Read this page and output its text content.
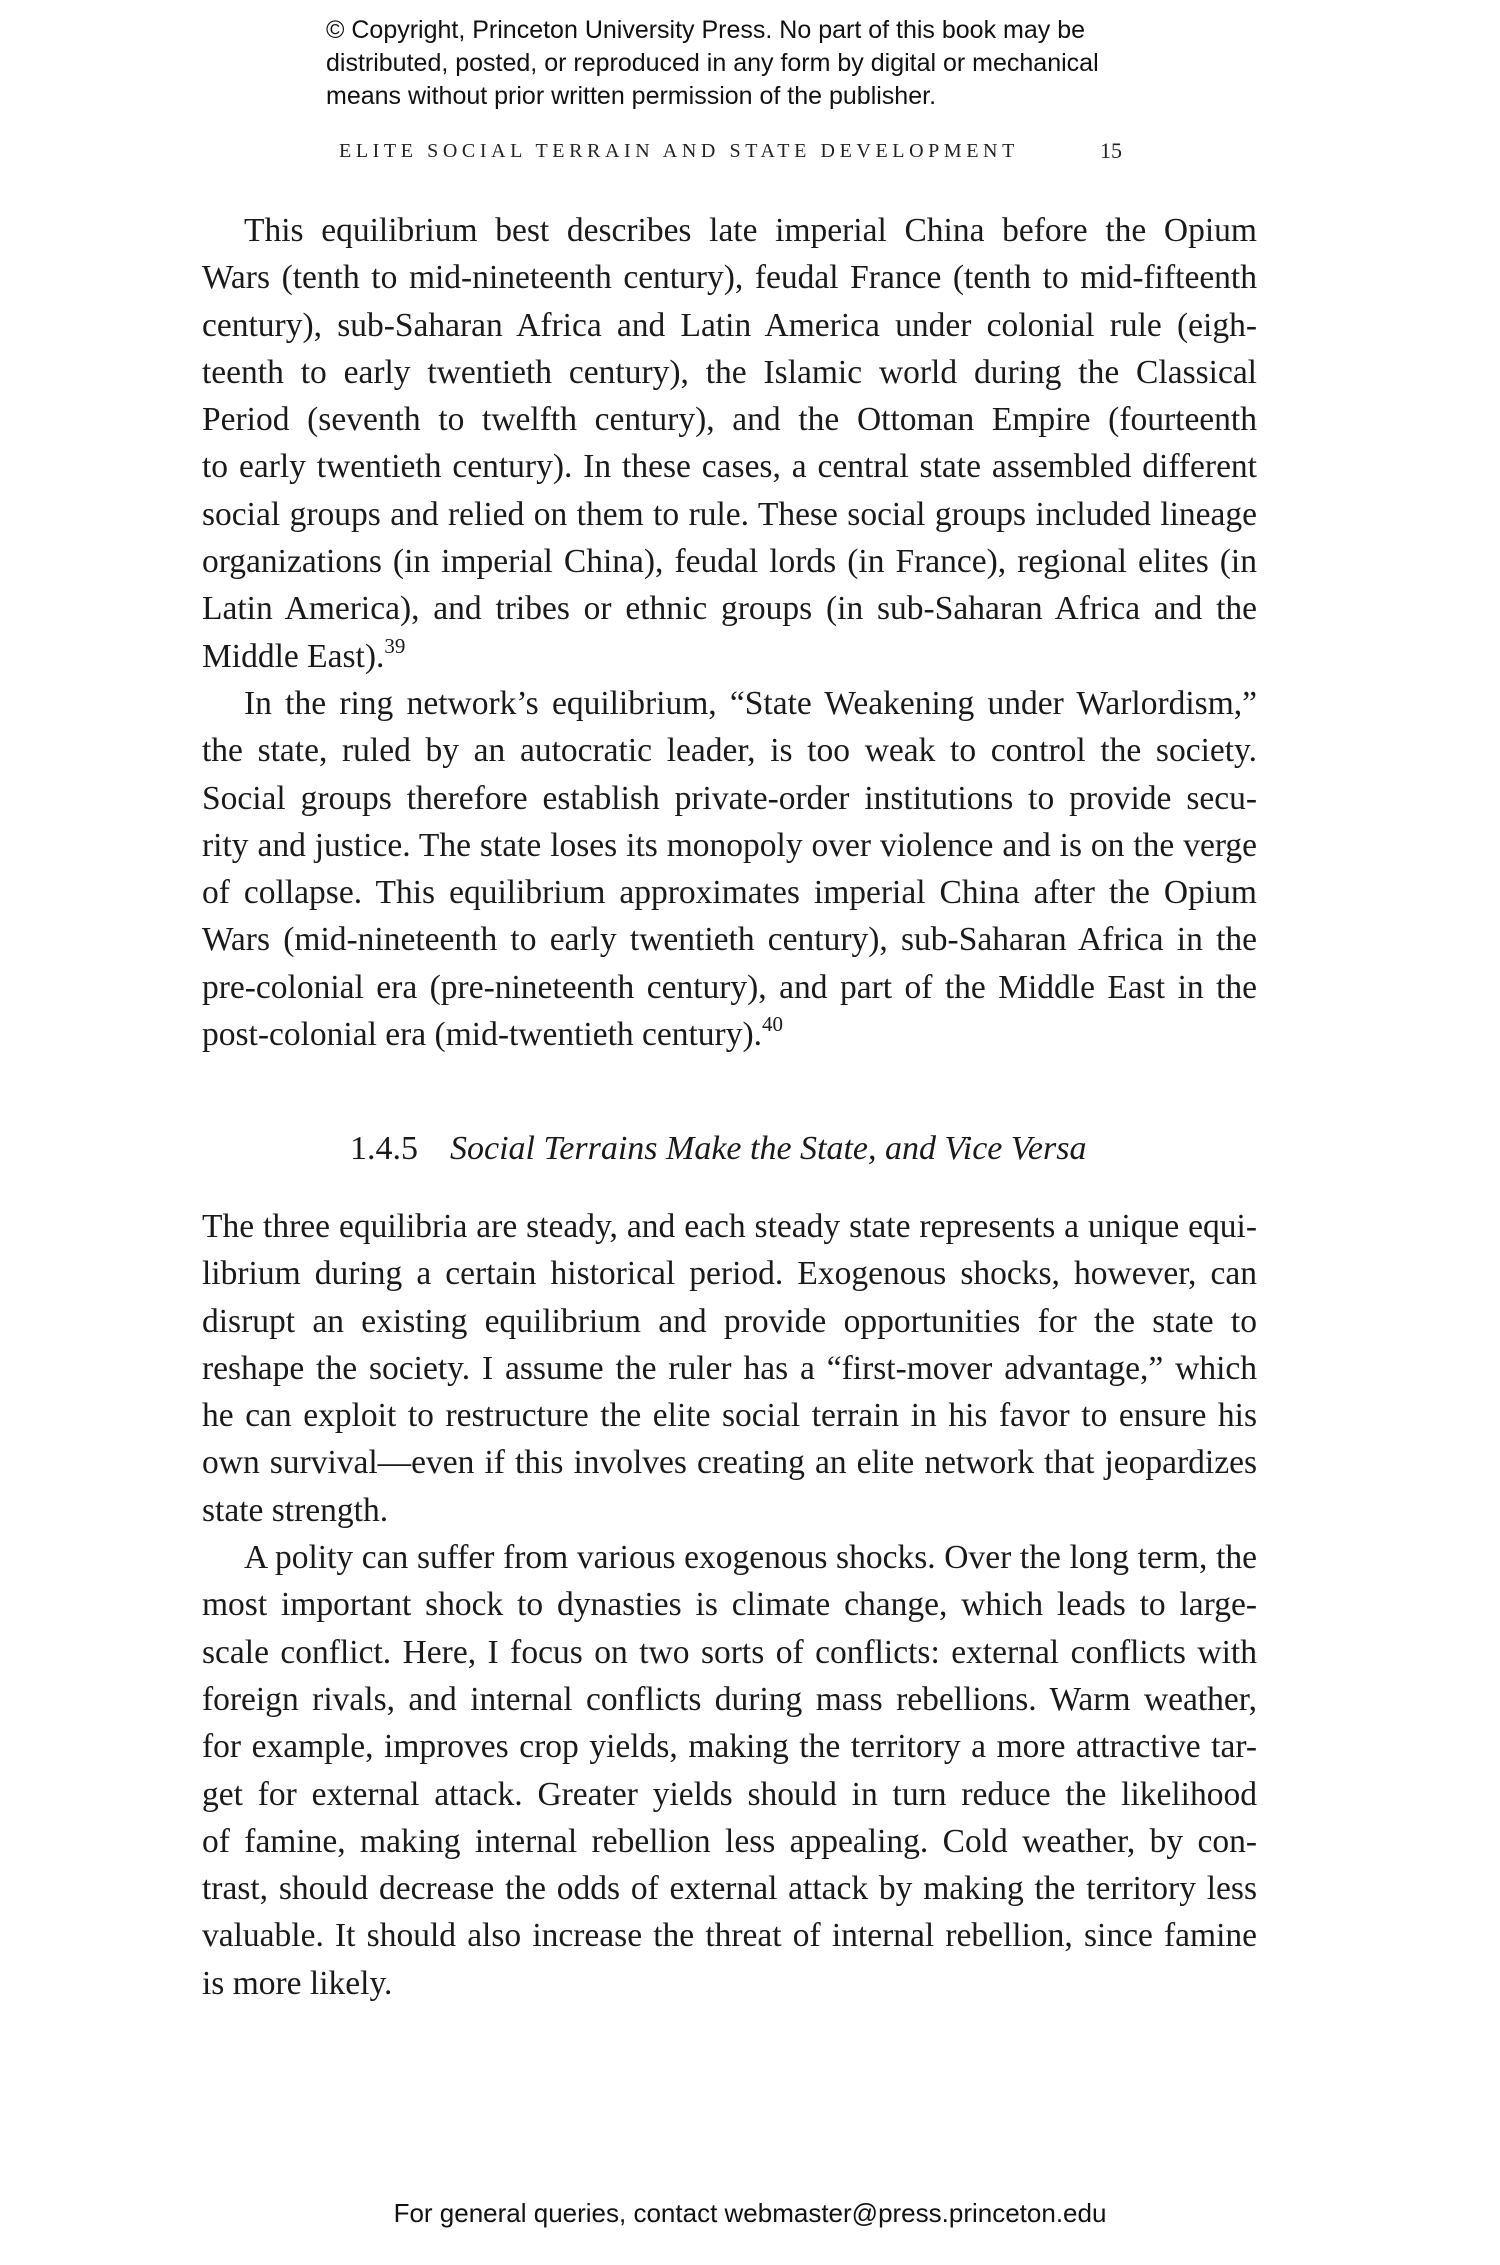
© Copyright, Princeton University Press. No part of this book may be
distributed, posted, or reproduced in any form by digital or mechanical
means without prior written permission of the publisher.
ELITE SOCIAL TERRAIN AND STATE DEVELOPMENT	15
This equilibrium best describes late imperial China before the Opium
Wars (tenth to mid-nineteenth century), feudal France (tenth to mid-fifteenth
century), sub-Saharan Africa and Latin America under colonial rule (eigh-
teenth to early twentieth century), the Islamic world during the Classical
Period (seventh to twelfth century), and the Ottoman Empire (fourteenth
to early twentieth century). In these cases, a central state assembled different
social groups and relied on them to rule. These social groups included lineage
organizations (in imperial China), feudal lords (in France), regional elites (in
Latin America), and tribes or ethnic groups (in sub-Saharan Africa and the
Middle East).$^{39}$
In the ring network’s equilibrium, “State Weakening under Warlordism,”
the state, ruled by an autocratic leader, is too weak to control the society.
Social groups therefore establish private-order institutions to provide secu-
rity and justice. The state loses its monopoly over violence and is on the verge
of collapse. This equilibrium approximates imperial China after the Opium
Wars (mid-nineteenth to early twentieth century), sub-Saharan Africa in the
pre-colonial era (pre-nineteenth century), and part of the Middle East in the
post-colonial era (mid-twentieth century).$^{40}$
1.4.5 Social Terrains Make the State, and Vice Versa
The three equilibria are steady, and each steady state represents a unique equi-
librium during a certain historical period. Exogenous shocks, however, can
disrupt an existing equilibrium and provide opportunities for the state to
reshape the society. I assume the ruler has a “first-mover advantage,” which
he can exploit to restructure the elite social terrain in his favor to ensure his
own survival—even if this involves creating an elite network that jeopardizes
state strength.
A polity can suffer from various exogenous shocks. Over the long term, the
most important shock to dynasties is climate change, which leads to large-
scale conflict. Here, I focus on two sorts of conflicts: external conflicts with
foreign rivals, and internal conflicts during mass rebellions. Warm weather,
for example, improves crop yields, making the territory a more attractive tar-
get for external attack. Greater yields should in turn reduce the likelihood
of famine, making internal rebellion less appealing. Cold weather, by con-
trast, should decrease the odds of external attack by making the territory less
valuable. It should also increase the threat of internal rebellion, since famine
is more likely.
For general queries, contact webmaster@press.princeton.edu
